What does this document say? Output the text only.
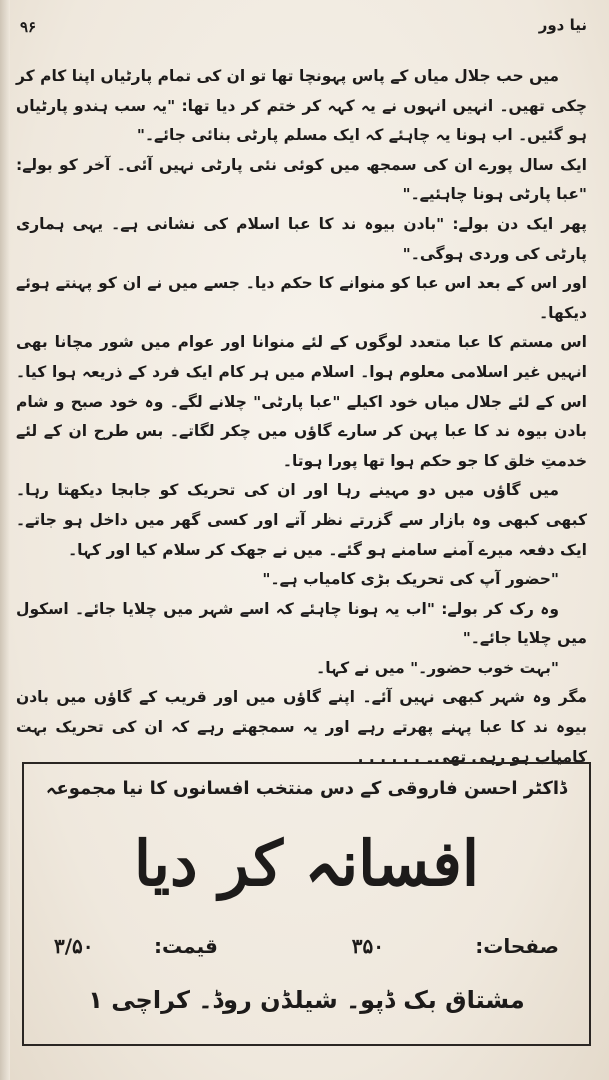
۹۶	نیا دور

میں حب جلال میاں کے پاس پہونچا تھا تو ان کی تمام پارٹیاں اپنا کام کر چکی تھیں۔ انہیں انہوں نے یہ کہہ کر ختم کر دیا تھا: "یہ سب ہندو پارٹیاں ہو گئیں۔ اب ہونا یہ چاہئے کہ ایک مسلم پارٹی بنائی جائے۔"

ایک سال پورے ان کی سمجھ میں کوئی نئی پارٹی نہیں آئی۔ آخر کو بولے: "عبا پارٹی ہونا چاہئیے۔"

پھر ایک دن بولے: "بادن بیوہ ند کا عبا اسلام کی نشانی ہے۔ یہی ہماری پارٹی کی وردی ہوگی۔"

اور اس کے بعد اس عبا کو منوانے کا حکم دیا۔ جسے میں نے ان کو پہنتے ہوئے دیکھا۔

اس مستم کا عبا متعدد لوگوں کے لئے منوانا اور عوام میں شور مچانا بھی انہیں غیر اسلامی معلوم ہوا۔ اسلام میں ہر کام ایک فرد کے ذریعہ ہوا کیا۔ اس کے لئے جلال میاں خود اکیلے "عبا پارٹی" چلانے لگے۔ وہ خود صبح و شام بادن بیوہ ند کا عبا پہن کر سارے گاؤں میں چکر لگاتے۔ بس طرح ان کے لئے خدمتِ خلق کا جو حکم ہوا تھا پورا ہوتا۔

میں گاؤں میں دو مہینے رہا اور ان کی تحریک کو جابجا دیکھتا رہا۔ کبھی کبھی وہ بازار سے گزرتے نظر آتے اور کسی گھر میں داخل ہو جاتے۔ ایک دفعہ میرے آمنے سامنے ہو گئے۔ میں نے جھک کر سلام کیا اور کہا۔

"حضور آپ کی تحریک بڑی کامیاب ہے۔"

وہ رک کر بولے: "اب یہ ہونا چاہئے کہ اسے شہر میں چلایا جائے۔ اسکول میں چلایا جائے۔"

"بہت خوب حضور۔" میں نے کہا۔

مگر وہ شہر کبھی نہیں آئے۔ اپنے گاؤں میں اور قریب کے گاؤں میں بادن بیوہ ند کا عبا پہنے پھرتے رہے اور یہ سمجھتے رہے کہ ان کی تحریک بہت کامیاب ہو رہی تھی۔ . . . . . .

ڈاکٹر احسن فاروقی کے دس منتخب افسانوں کا نیا مجموعہ
افسانہ کر دیا
صفحات:
۳۵۰
قیمت:
۳/۵۰
مشتاق بک ڈپو۔ شیلڈن روڈ۔ کراچی ۱
